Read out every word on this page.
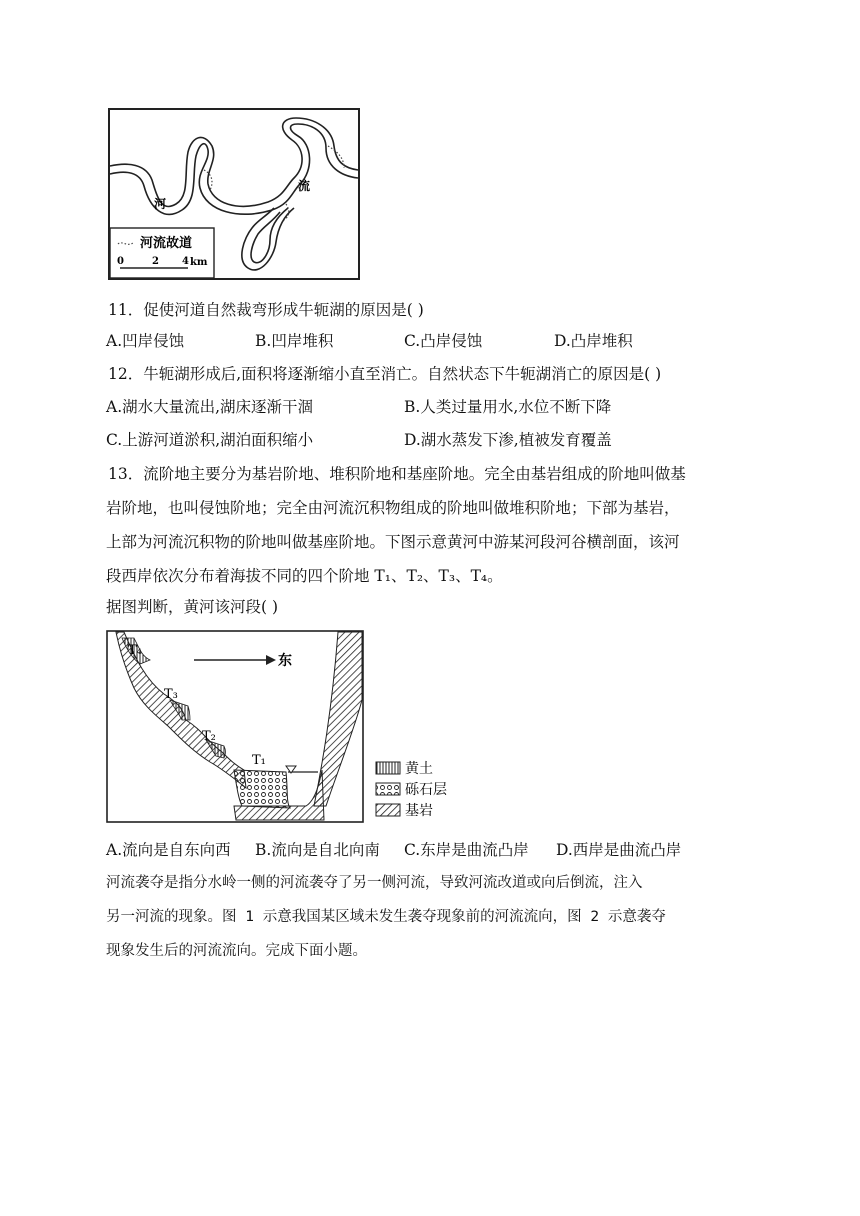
河
流
河流故道
0	2 4 km
11．促使河道自然裁弯形成牛轭湖的原因是( )
A.凹岸侵蚀	B.凹岸堆积	C.凸岸侵蚀	D.凸岸堆积
12．牛轭湖形成后,面积将逐渐缩小直至消亡。自然状态下牛轭湖消亡的原因是( )
A.湖水大量流出,湖床逐渐干涸	B.人类过量用水,水位不断下降
C.上游河道淤积,湖泊面积缩小	D.湖水蒸发下渗,植被发育覆盖
13．流阶地主要分为基岩阶地、堆积阶地和基座阶地。完全由基岩组成的阶地叫做基
岩阶地，也叫侵蚀阶地；完全由河流沉积物组成的阶地叫做堆积阶地；下部为基岩，
上部为河流沉积物的阶地叫做基座阶地。下图示意黄河中游某河段河谷横剖面，该河
段西岸依次分布着海拔不同的四个阶地 T₁、T₂、T₃、T₄。
据图判断，黄河该河段( )
东
T₄
T₃
T₂
T₁
黄土
砾石层
基岩
A.流向是自东向西 B.流向是自北向南 C.东岸是曲流凸岸 D.西岸是曲流凸岸
河流袭夺是指分水岭一侧的河流袭夺了另一侧河流，导致河流改道或向后倒流，注入
另一河流的现象。图 1 示意我国某区域未发生袭夺现象前的河流流向，图 2 示意袭夺
现象发生后的河流流向。完成下面小题。
